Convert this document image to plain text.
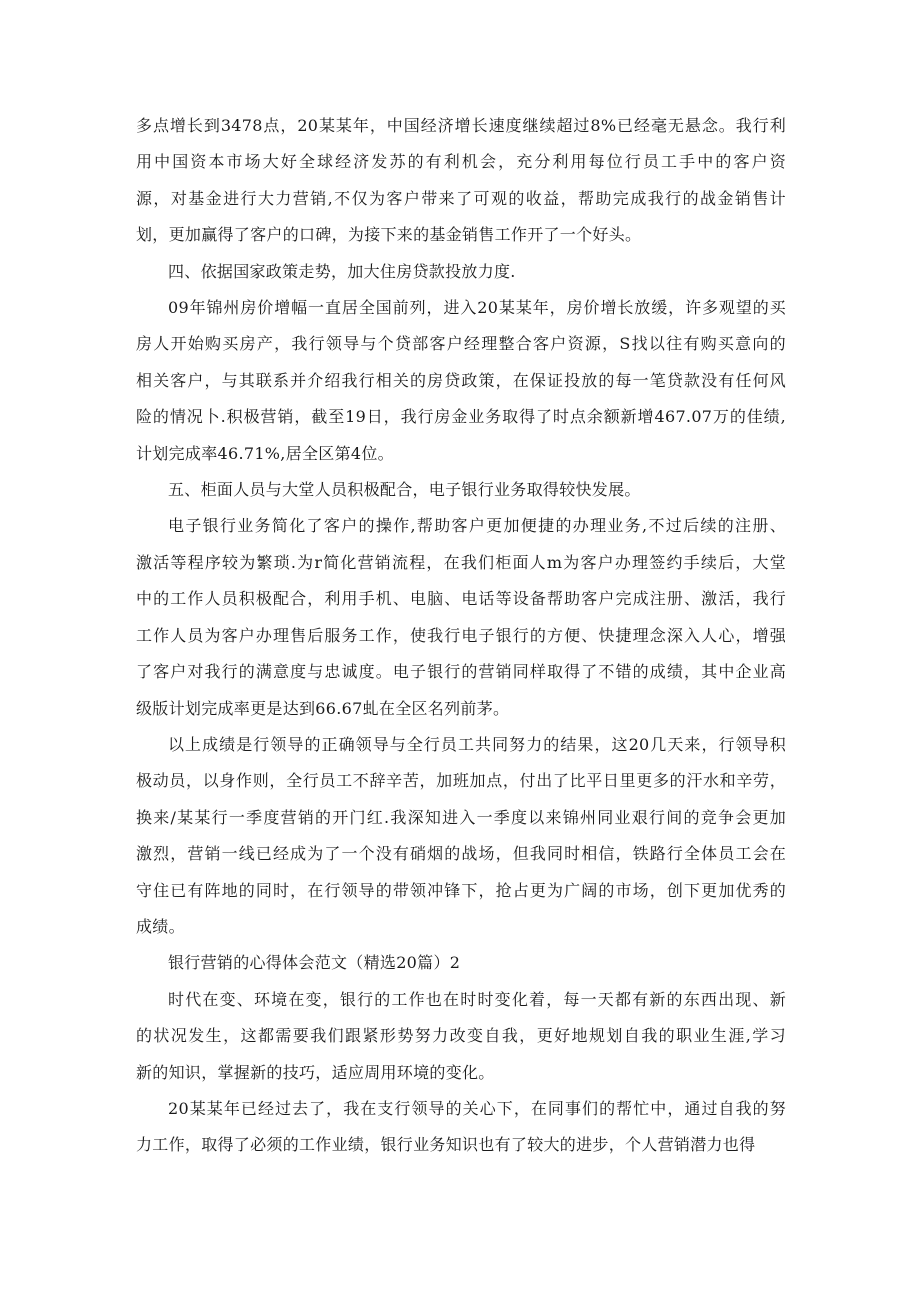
多点增长到3478点，20某某年，中国经济增长速度继续超过8%已经毫无悬念。我行利
用中国资本市场大好全球经济发苏的有利机会，充分利用每位行员工手中的客户资
源，对基金进行大力营销,不仅为客户带来了可观的收益，帮助完成我行的战金销售计
划，更加赢得了客户的口碑，为接下来的基金销售工作开了一个好头。
四、依据国家政策走势，加大住房贷款投放力度.
09年锦州房价增幅一直居全国前列，进入20某某年，房价增长放缓，许多观望的买
房人开始购买房产，我行领导与个贷部客户经理整合客户资源，S找以往有购买意向的
相关客户，与其联系并介绍我行相关的房贷政策，在保证投放的每一笔贷款没有任何风
险的情况卜.积极营销，截至19日，我行房金业务取得了时点余额新增467.07万的佳绩,
计划完成率46.71%,居全区第4位。
五、柜面人员与大堂人员积极配合，电子银行业务取得较快发展。
电子银行业务简化了客户的操作,帮助客户更加便捷的办理业务,不过后续的注册、
激活等程序较为繁琐.为r简化营销流程，在我们柜面人m为客户办理签约手续后，大堂
中的工作人员积极配合，利用手机、电脑、电话等设备帮助客户完成注册、激活，我行
工作人员为客户办理售后服务工作，使我行电子银行的方便、快捷理念深入人心，增强
了客户对我行的满意度与忠诚度。电子银行的营销同样取得了不错的成绩，其中企业高
级版计划完成率更是达到66.67虬在全区名列前茅。
以上成绩是行领导的正确领导与全行员工共同努力的结果，这20几天来，行领导积
极动员，以身作则，全行员工不辞辛苦，加班加点，付出了比平日里更多的汗水和辛劳，
换来/某某行一季度营销的开门红.我深知进入一季度以来锦州同业艰行间的竞争会更加
激烈，营销一线已经成为了一个没有硝烟的战场，但我同时相信，铁路行全体员工会在
守住已有阵地的同时，在行领导的带领冲锋下，抢占更为广阔的市场，创下更加优秀的
成绩。
银行营销的心得体会范文（精选20篇）2
时代在变、环境在变，银行的工作也在时时变化着，每一天都有新的东西出现、新
的状况发生，这都需要我们跟紧形势努力改变自我，更好地规划自我的职业生涯,学习
新的知识，掌握新的技巧，适应周用环境的变化。
20某某年已经过去了，我在支行领导的关心下，在同事们的帮忙中，通过自我的努
力工作，取得了必须的工作业绩，银行业务知识也有了较大的进步，个人营销潜力也得
